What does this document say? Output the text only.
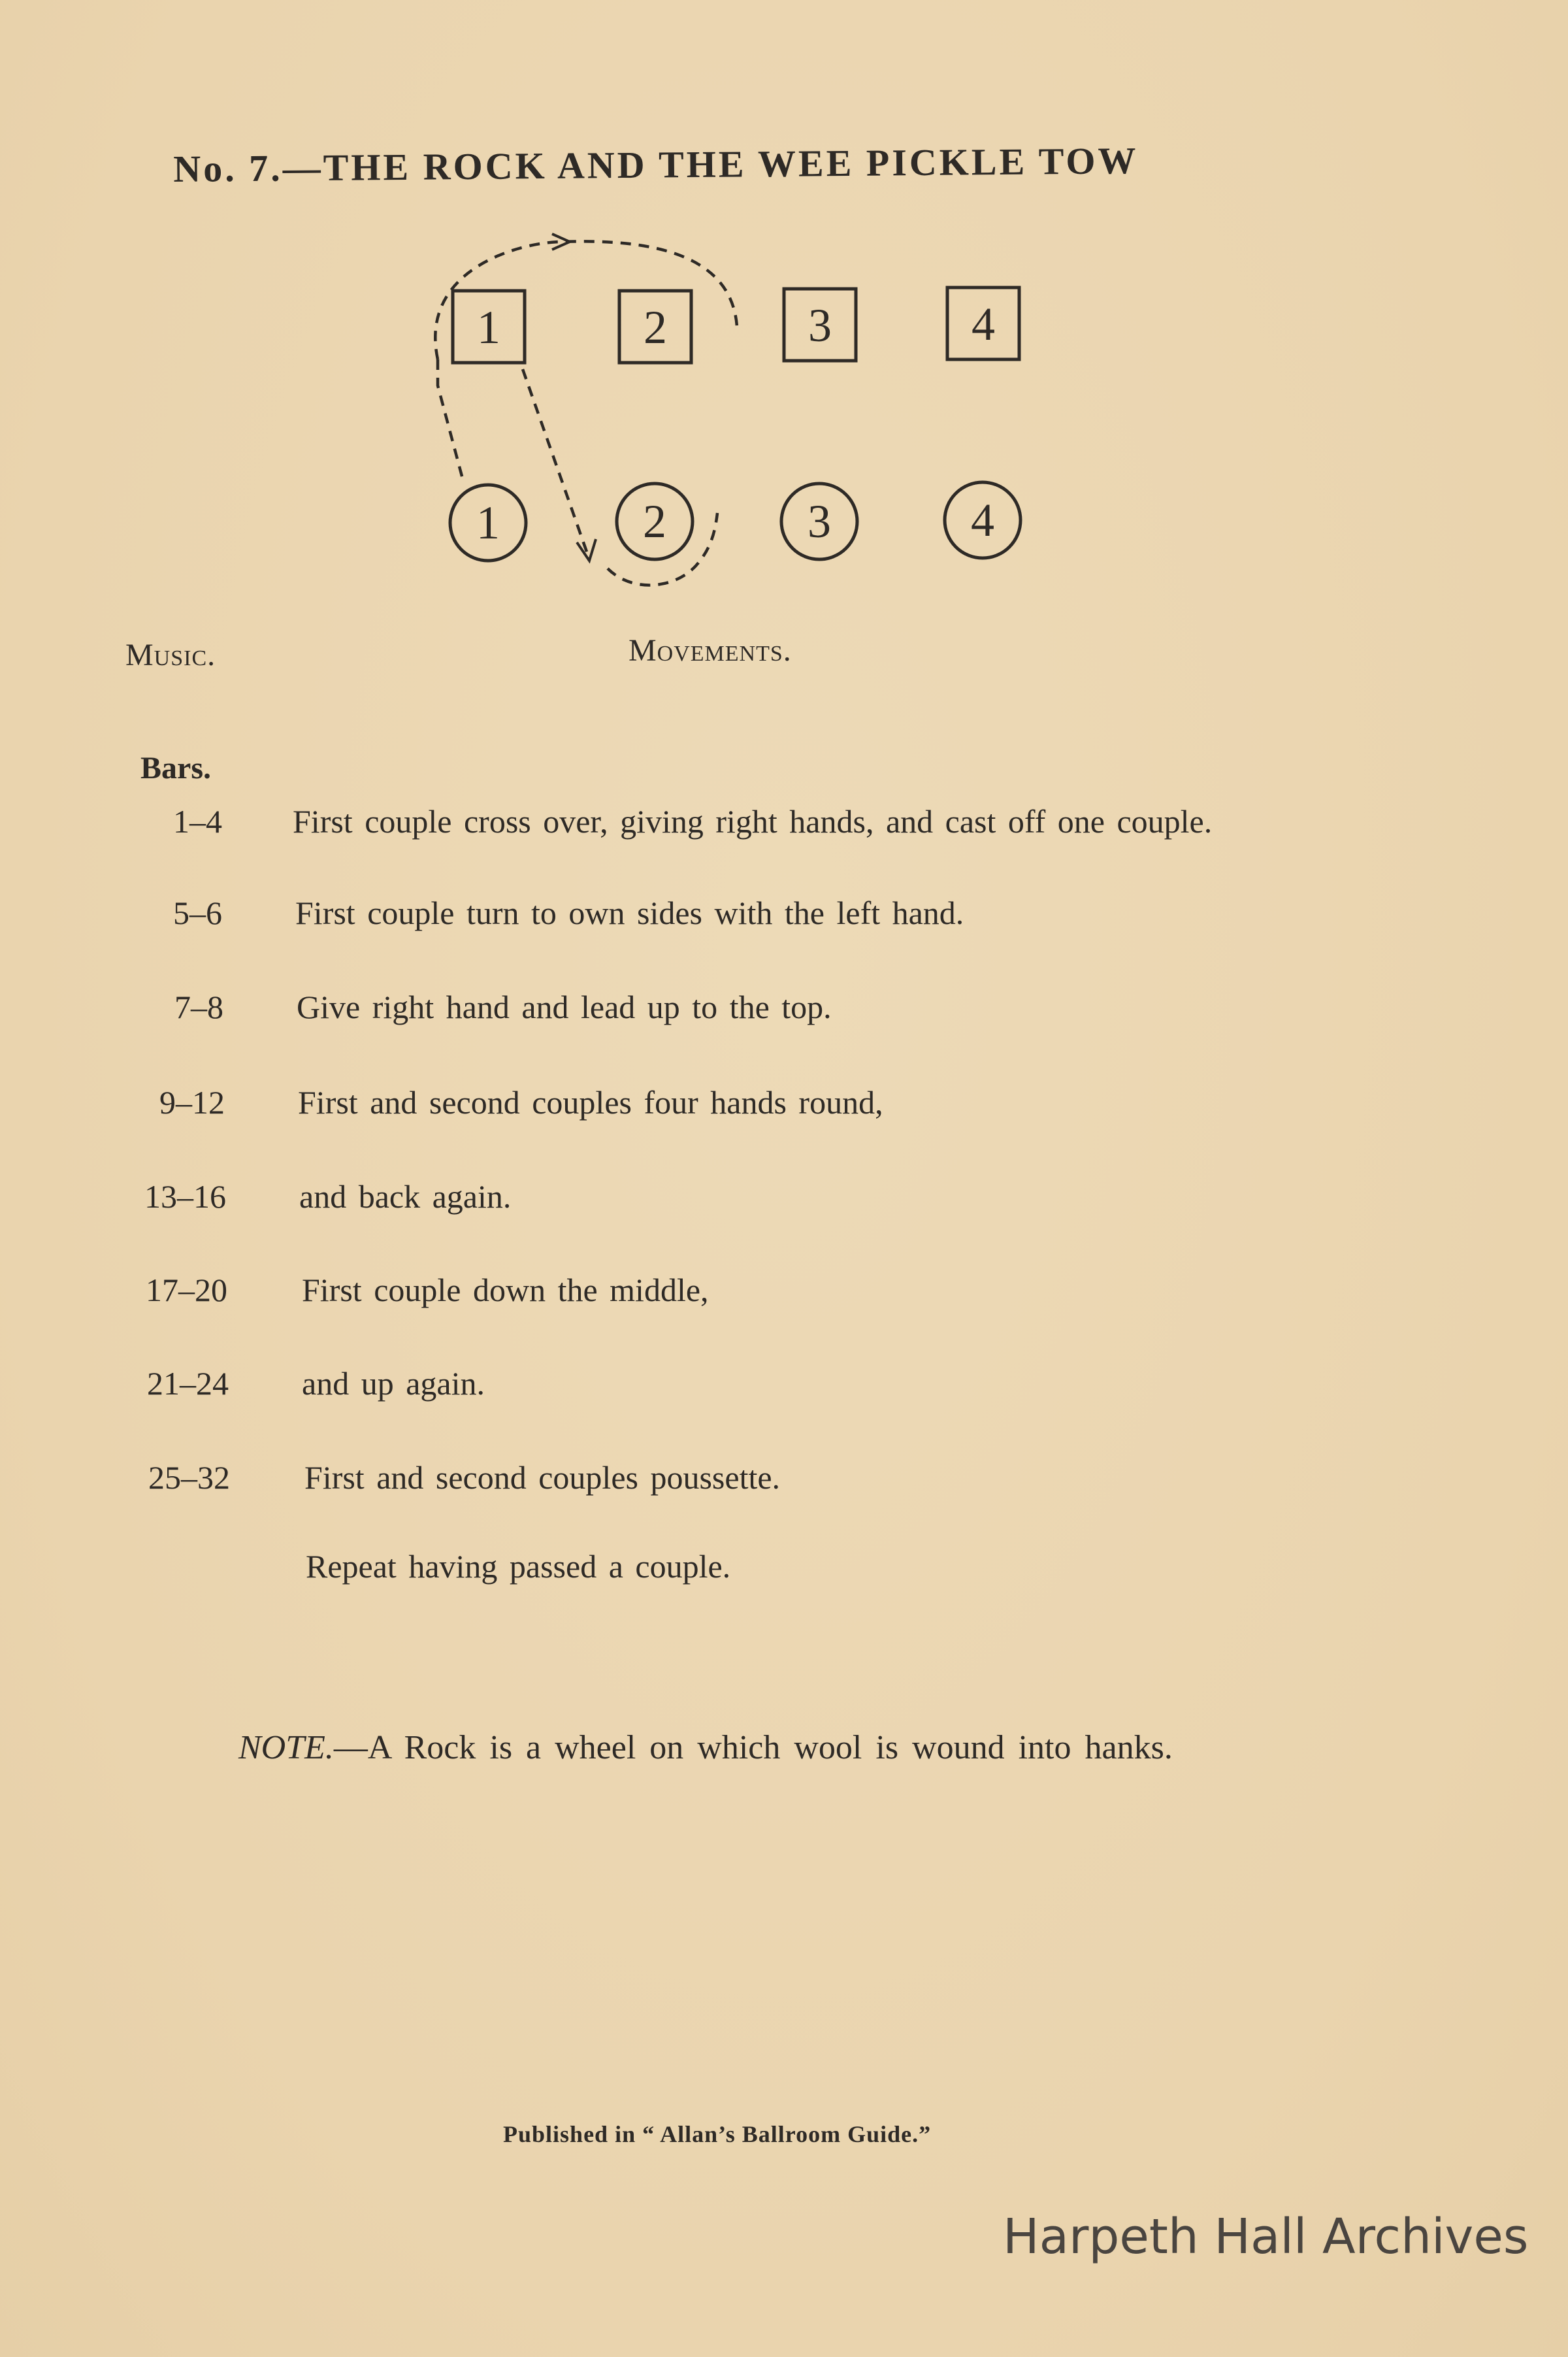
No. 7.—THE ROCK AND THE WEE PICKLE TOW
1	2	3	4
1	2	3	4
Music.	Movements.
Bars.
1–4 First couple cross over, giving right hands, and cast off one couple.
5–6 First couple turn to own sides with the left hand.
7–8 Give right hand and lead up to the top.
9–12 First and second couples four hands round,
13–16 and back again.
17–20 First couple down the middle,
21–24 and up again.
25–32 First and second couples poussette.
Repeat having passed a couple.
NOTE.—A Rock is a wheel on which wool is wound into hanks.
Published in “ Allan’s Ballroom Guide.”
Harpeth Hall Archives
